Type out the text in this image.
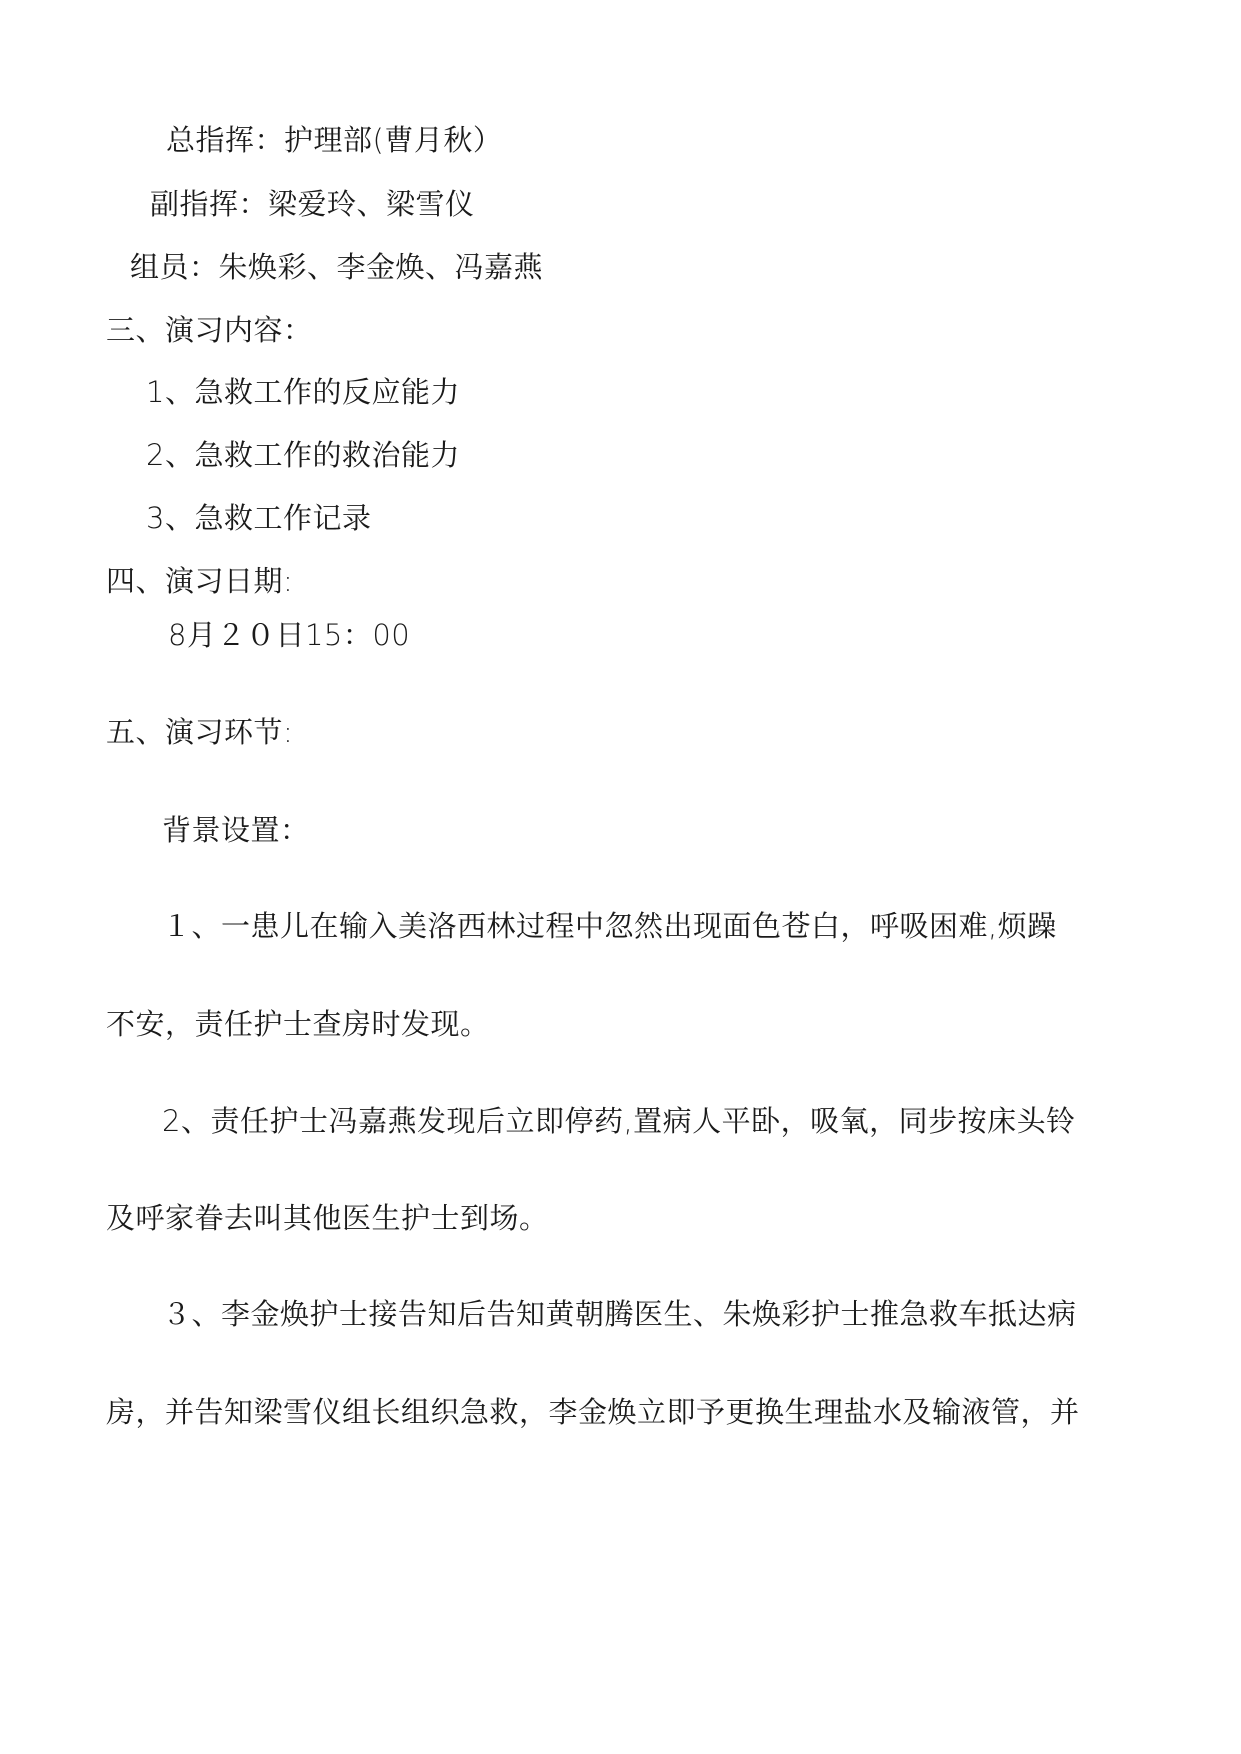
总指挥：护理部(曹月秋）
副指挥：梁爱玲、梁雪仪
组员：朱焕彩、李金焕、冯嘉燕
三、演习内容：
1、急救工作的反应能力
2、急救工作的救治能力
3、急救工作记录
四、演习日期:
8月２０日15：00
五、演习环节:
背景设置：
１、一患儿在输入美洛西林过程中忽然出现面色苍白，呼吸困难,烦躁
不安，责任护士查房时发现。
2、责任护士冯嘉燕发现后立即停药,置病人平卧，吸氧，同步按床头铃
及呼家眷去叫其他医生护士到场。
３、李金焕护士接告知后告知黄朝腾医生、朱焕彩护士推急救车抵达病
房，并告知梁雪仪组长组织急救，李金焕立即予更换生理盐水及输液管，并
